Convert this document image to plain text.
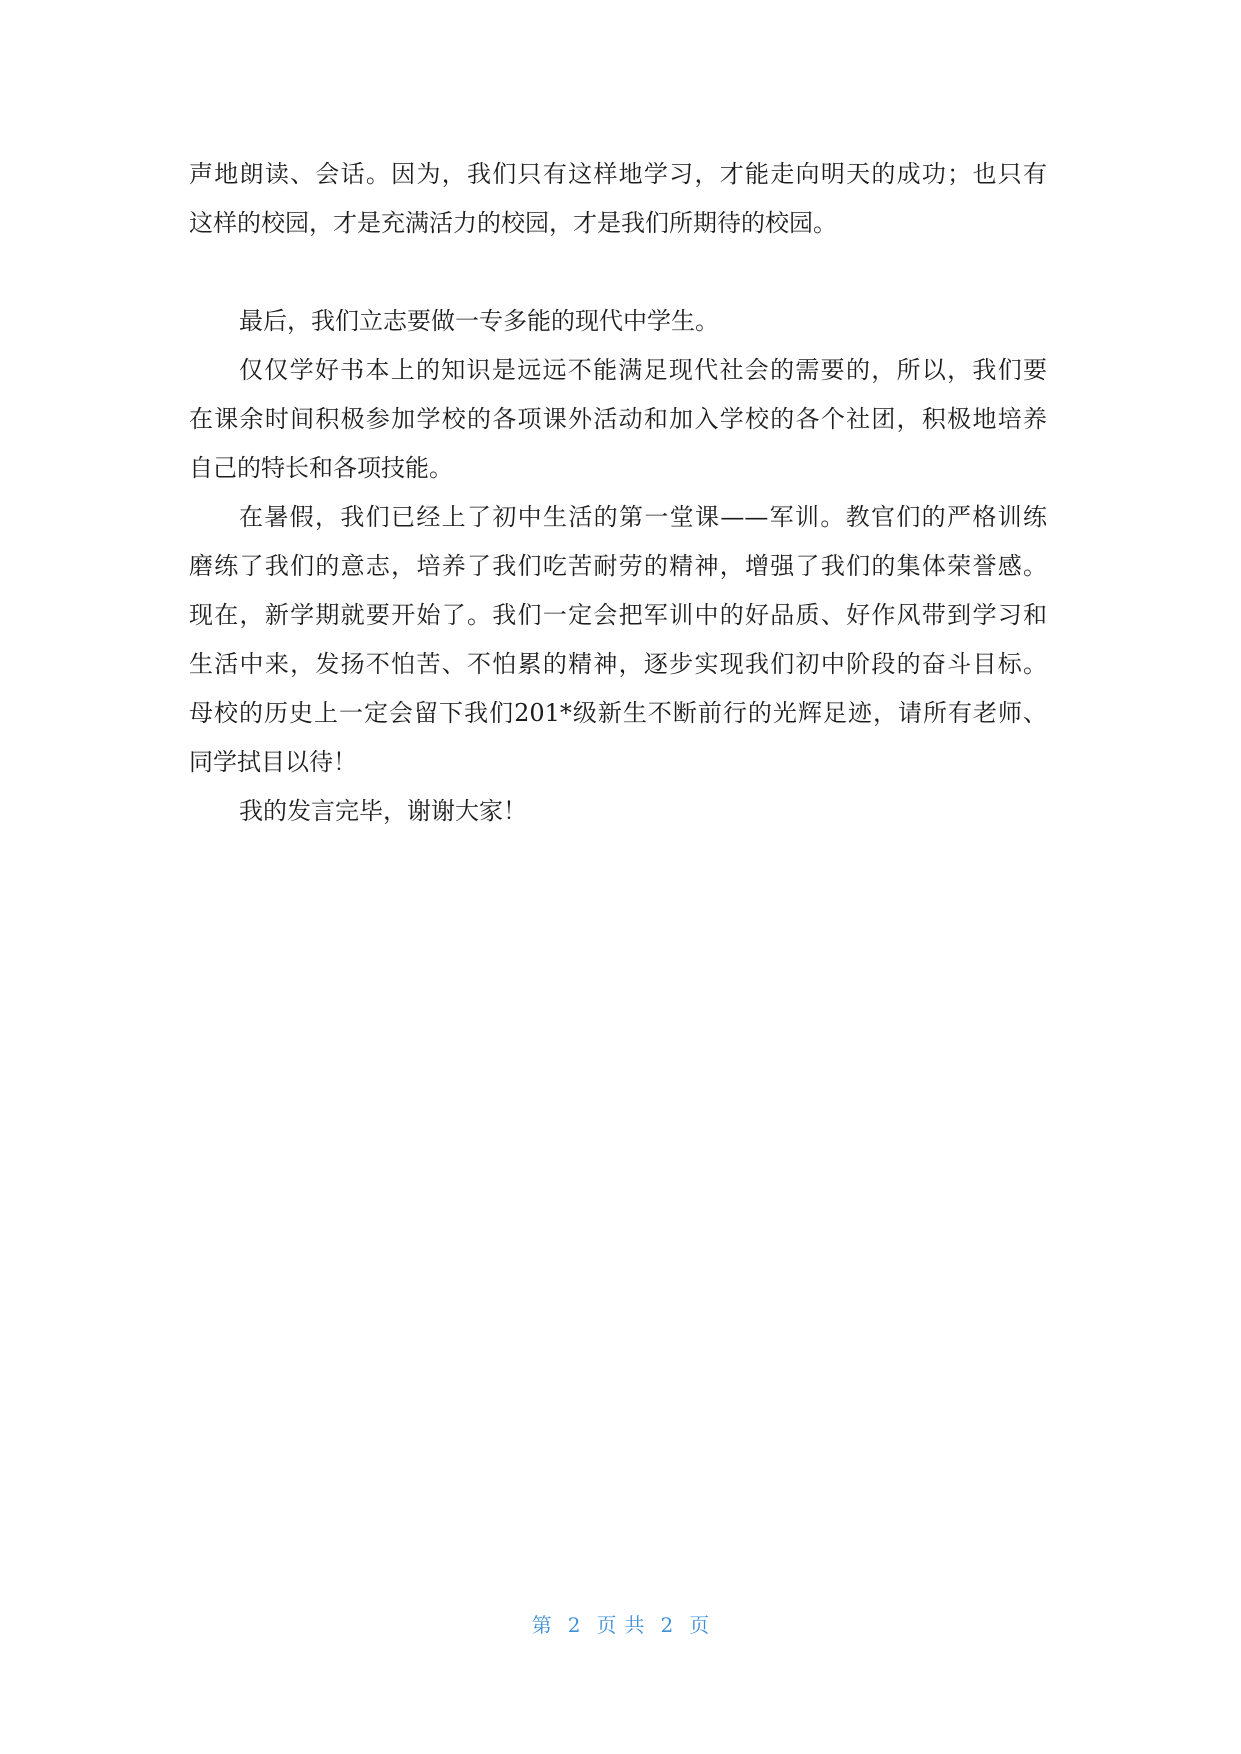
声地朗读、会话。因为，我们只有这样地学习，才能走向明天的成功；也只有
这样的校园，才是充满活力的校园，才是我们所期待的校园。
最后，我们立志要做一专多能的现代中学生。
仅仅学好书本上的知识是远远不能满足现代社会的需要的，所以，我们要
在课余时间积极参加学校的各项课外活动和加入学校的各个社团，积极地培养
自己的特长和各项技能。
在暑假，我们已经上了初中生活的第一堂课——军训。教官们的严格训练
磨练了我们的意志，培养了我们吃苦耐劳的精神，增强了我们的集体荣誉感。
现在，新学期就要开始了。我们一定会把军训中的好品质、好作风带到学习和
生活中来，发扬不怕苦、不怕累的精神，逐步实现我们初中阶段的奋斗目标。
母校的历史上一定会留下我们201*级新生不断前行的光辉足迹，请所有老师、
同学拭目以待！
我的发言完毕，谢谢大家！
第 2 页共 2 页
